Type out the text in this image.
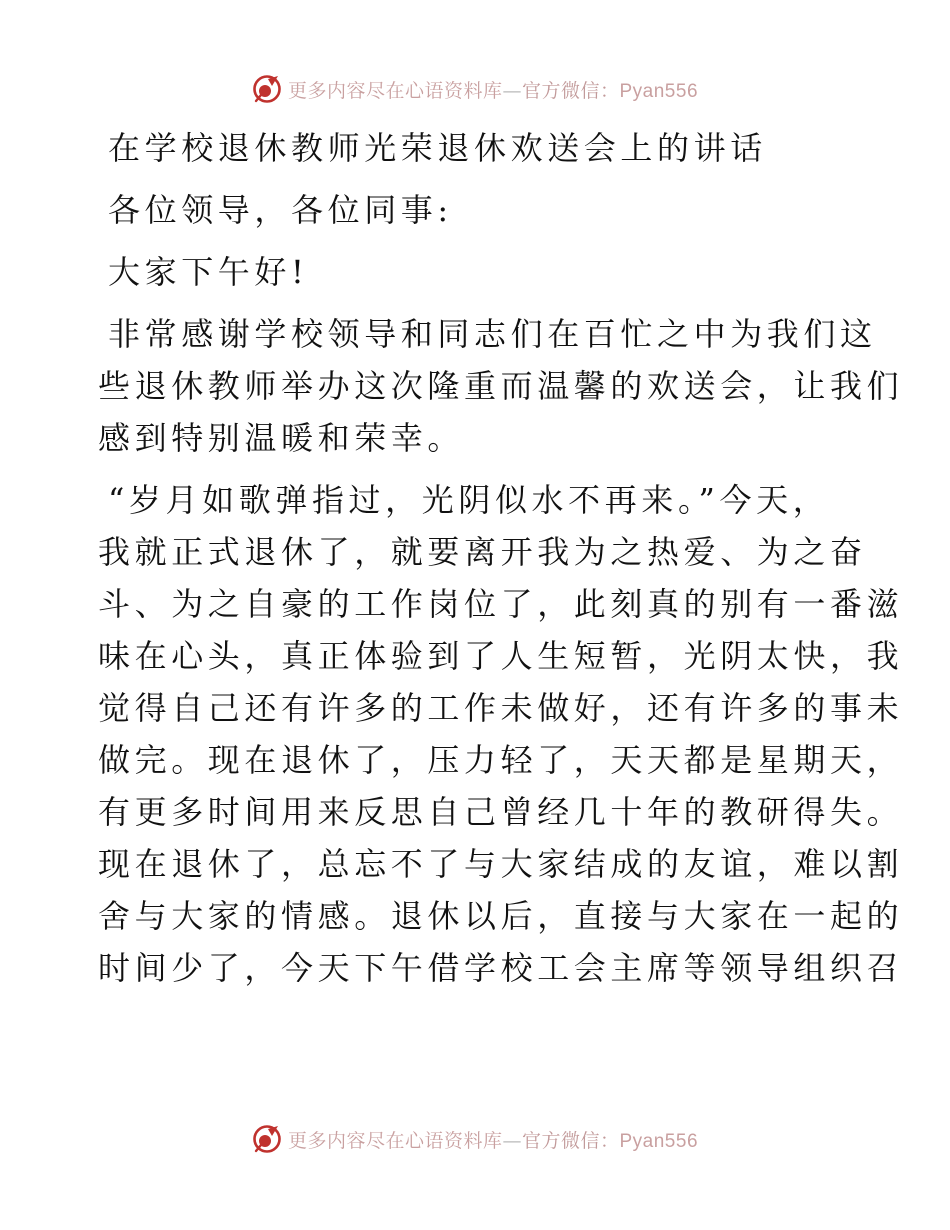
更多内容尽在心语资料库—官方微信：Pyan556
在学校退休教师光荣退休欢送会上的讲话
各位领导，各位同事:
大家下午好!
非常感谢学校领导和同志们在百忙之中为我们这
些退休教师举办这次隆重而温馨的欢送会，让我们
感到特别温暖和荣幸。
“岁月如歌弹指过，光阴似水不再来。”今天，
我就正式退休了，就要离开我为之热爱、为之奋
斗、为之自豪的工作岗位了，此刻真的别有一番滋
味在心头，真正体验到了人生短暂，光阴太快，我
觉得自己还有许多的工作未做好，还有许多的事未
做完。现在退休了，压力轻了，天天都是星期天，
有更多时间用来反思自己曾经几十年的教研得失。
现在退休了，总忘不了与大家结成的友谊，难以割
舍与大家的情感。退休以后，直接与大家在一起的
时间少了，今天下午借学校工会主席等领导组织召
更多内容尽在心语资料库—官方微信：Pyan556
